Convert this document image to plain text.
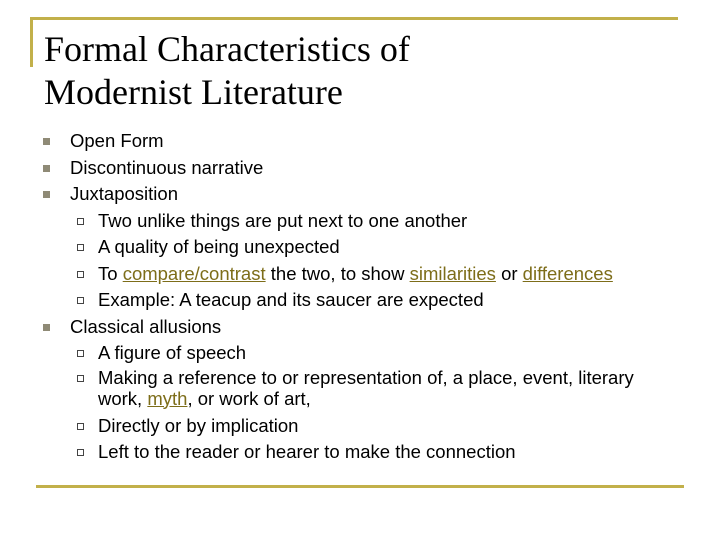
Formal Characteristics of
Modernist Literature
Open Form
Discontinuous narrative
Juxtaposition
Two unlike things are put next to one another
A quality of being unexpected
To compare/contrast the two, to show similarities or differences
Example: A teacup and its saucer are expected
Classical allusions
A figure of speech
Making a reference to or representation of, a place, event, literary work, myth, or work of art,
Directly or by implication
Left to the reader or hearer to make the connection
